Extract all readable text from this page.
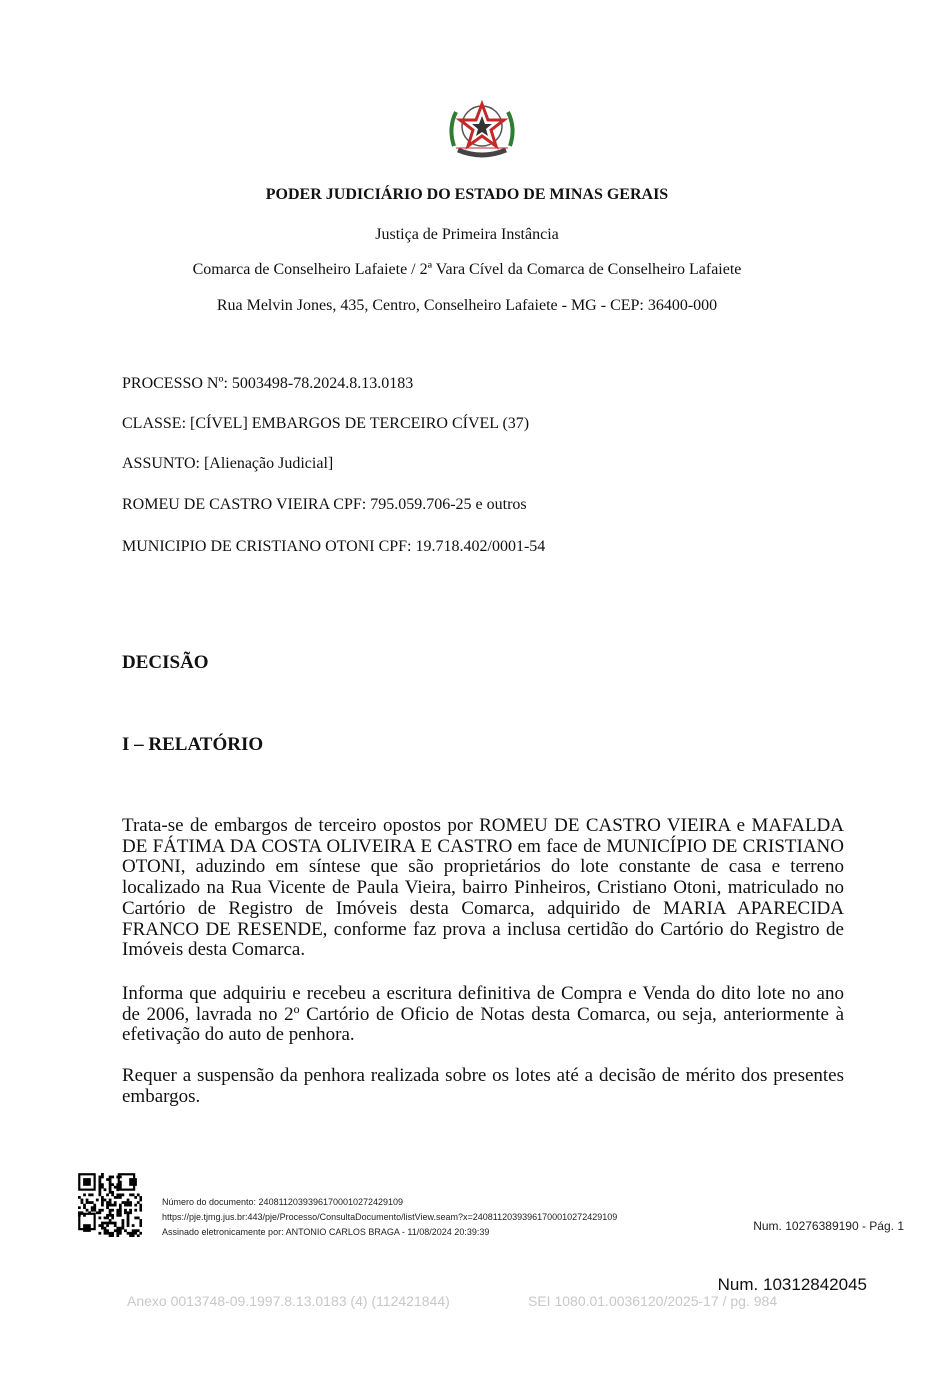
PODER JUDICIÁRIO DO ESTADO DE MINAS GERAIS
Justiça de Primeira Instância
Comarca de Conselheiro Lafaiete / 2ª Vara Cível da Comarca de Conselheiro Lafaiete
Rua Melvin Jones, 435, Centro, Conselheiro Lafaiete - MG - CEP: 36400-000
PROCESSO Nº: 5003498-78.2024.8.13.0183
CLASSE: [CÍVEL] EMBARGOS DE TERCEIRO CÍVEL (37)
ASSUNTO: [Alienação Judicial]
ROMEU DE CASTRO VIEIRA CPF: 795.059.706-25 e outros
MUNICIPIO DE CRISTIANO OTONI CPF: 19.718.402/0001-54
DECISÃO
I – RELATÓRIO

Trata-se de embargos de terceiro opostos por ROMEU DE CASTRO VIEIRA e MAFALDA DE FÁTIMA DA COSTA OLIVEIRA E CASTRO em face de MUNICÍPIO DE CRISTIANO OTONI, aduzindo em síntese que são proprietários do lote constante de casa e terreno localizado na Rua Vicente de Paula Vieira, bairro Pinheiros, Cristiano Otoni, matriculado no Cartório de Registro de Imóveis desta Comarca, adquirido de MARIA APARECIDA FRANCO DE RESENDE, conforme faz prova a inclusa certidão do Cartório do Registro de Imóveis desta Comarca.

Informa que adquiriu e recebeu a escritura definitiva de Compra e Venda do dito lote no ano de 2006, lavrada no 2º Cartório de Oficio de Notas desta Comarca, ou seja, anteriormente à efetivação do auto de penhora.

Requer a suspensão da penhora realizada sobre os lotes até a decisão de mérito dos presentes embargos.

Número do documento: 24081120393961700010272429109
https://pje.tjmg.jus.br:443/pje/Processo/ConsultaDocumento/listView.seam?x=24081120393961700010272429109
Assinado eletronicamente por: ANTONIO CARLOS BRAGA - 11/08/2024 20:39:39	Num. 10276389190 - Pág. 1
Num. 10312842045
Anexo 0013748-09.1997.8.13.0183 (4) (112421844)	SEI 1080.01.0036120/2025-17 / pg. 984
